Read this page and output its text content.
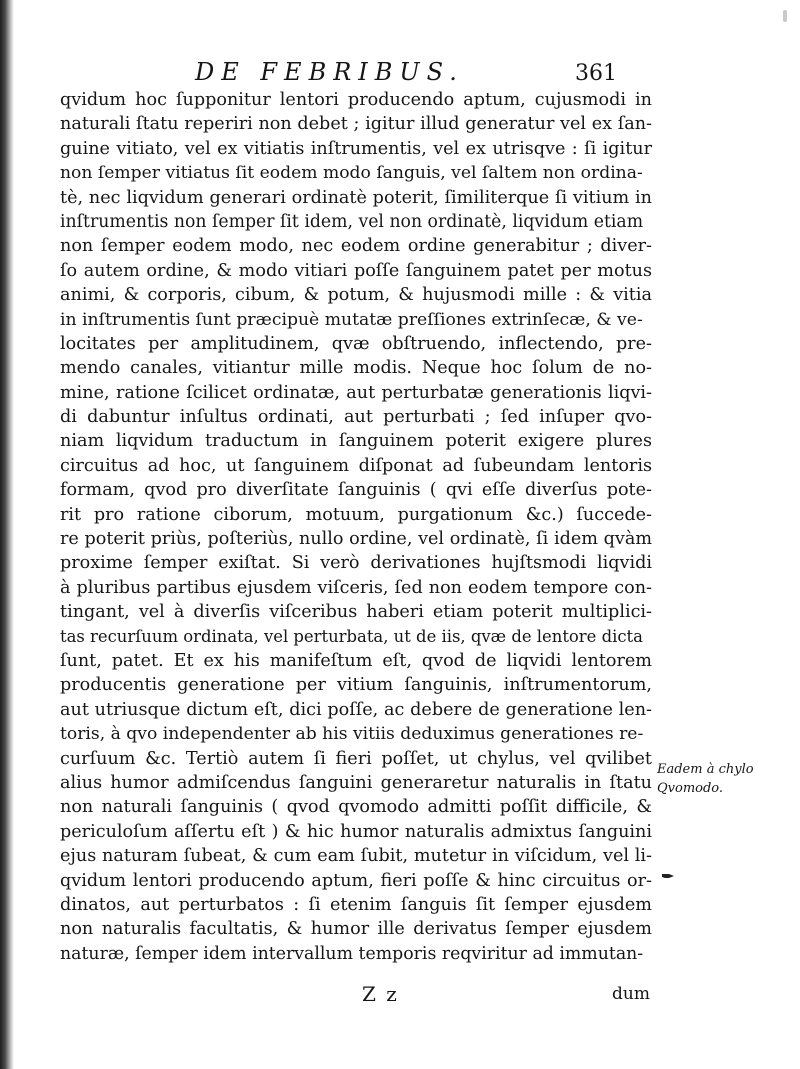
DE FEBRIBUS.	361
qvidum hoc ſupponitur lentori producendo aptum, cujusmodi in
naturali ſtatu reperiri non debet ; igitur illud generatur vel ex ſan-
guine vitiato, vel ex vitiatis inſtrumentis, vel ex utrisqve : ſi igitur
non ſemper vitiatus ſit eodem modo ſanguis, vel ſaltem non ordina-
tè, nec liqvidum generari ordinatè poterit, ſimiliterque ſi vitium in
inſtrumentis non ſemper ſit idem, vel non ordinatè, liqvidum etiam
non ſemper eodem modo, nec eodem ordine generabitur ; diver-
ſo autem ordine, & modo vitiari poſſe ſanguinem patet per motus
animi, & corporis, cibum, & potum, & hujusmodi mille : & vitia
in inſtrumentis ſunt præcipuè mutatæ preſſiones extrinſecæ, & ve-
locitates per amplitudinem, qvæ obſtruendo, inflectendo, pre-
mendo canales, vitiantur mille modis. Neque hoc ſolum de no-
mine, ratione ſcilicet ordinatæ, aut perturbatæ generationis liqvi-
di dabuntur inſultus ordinati, aut perturbati ; ſed inſuper qvo-
niam liqvidum traductum in ſanguinem poterit exigere plures
circuitus ad hoc, ut ſanguinem diſponat ad ſubeundam lentoris
formam, qvod pro diverſitate ſanguinis ( qvi eſſe diverſus pote-
rit pro ratione ciborum, motuum, purgationum &c.) ſuccede-
re poterit priùs, poſteriùs, nullo ordine, vel ordinatè, ſi idem qvàm
proxime ſemper exiſtat. Si verò derivationes hujſtsmodi liqvidi
à pluribus partibus ejusdem viſceris, ſed non eodem tempore con-
tingant, vel à diverſis viſceribus haberi etiam poterit multiplici-
tas recurſuum ordinata, vel perturbata, ut de iis, qvæ de lentore dicta
ſunt, patet. Et ex his manifeſtum eſt, qvod de liqvidi lentorem
producentis generatione per vitium ſanguinis, inſtrumentorum,
aut utriusque dictum eſt, dici poſſe, ac debere de generatione len-
toris, à qvo independenter ab his vitiis deduximus generationes re-
curſuum &c. Tertiò autem ſi fieri poſſet, ut chylus, vel qvilibet
alius humor admiſcendus ſanguini generaretur naturalis in ſtatu
non naturali ſanguinis ( qvod qvomodo admitti poſſit difficile, &
periculoſum aſſertu eſt ) & hic humor naturalis admixtus ſanguini
ejus naturam ſubeat, & cum eam ſubit, mutetur in viſcidum, vel li-
qvidum lentori producendo aptum, fieri poſſe & hinc circuitus or-
dinatos, aut perturbatos : ſi etenim ſanguis ſit ſemper ejusdem
non naturalis facultatis, & humor ille derivatus ſemper ejusdem
naturæ, ſemper idem intervallum temporis reqviritur ad immutan-
Eadem à chylo
Qvomodo.
Z z	dum
